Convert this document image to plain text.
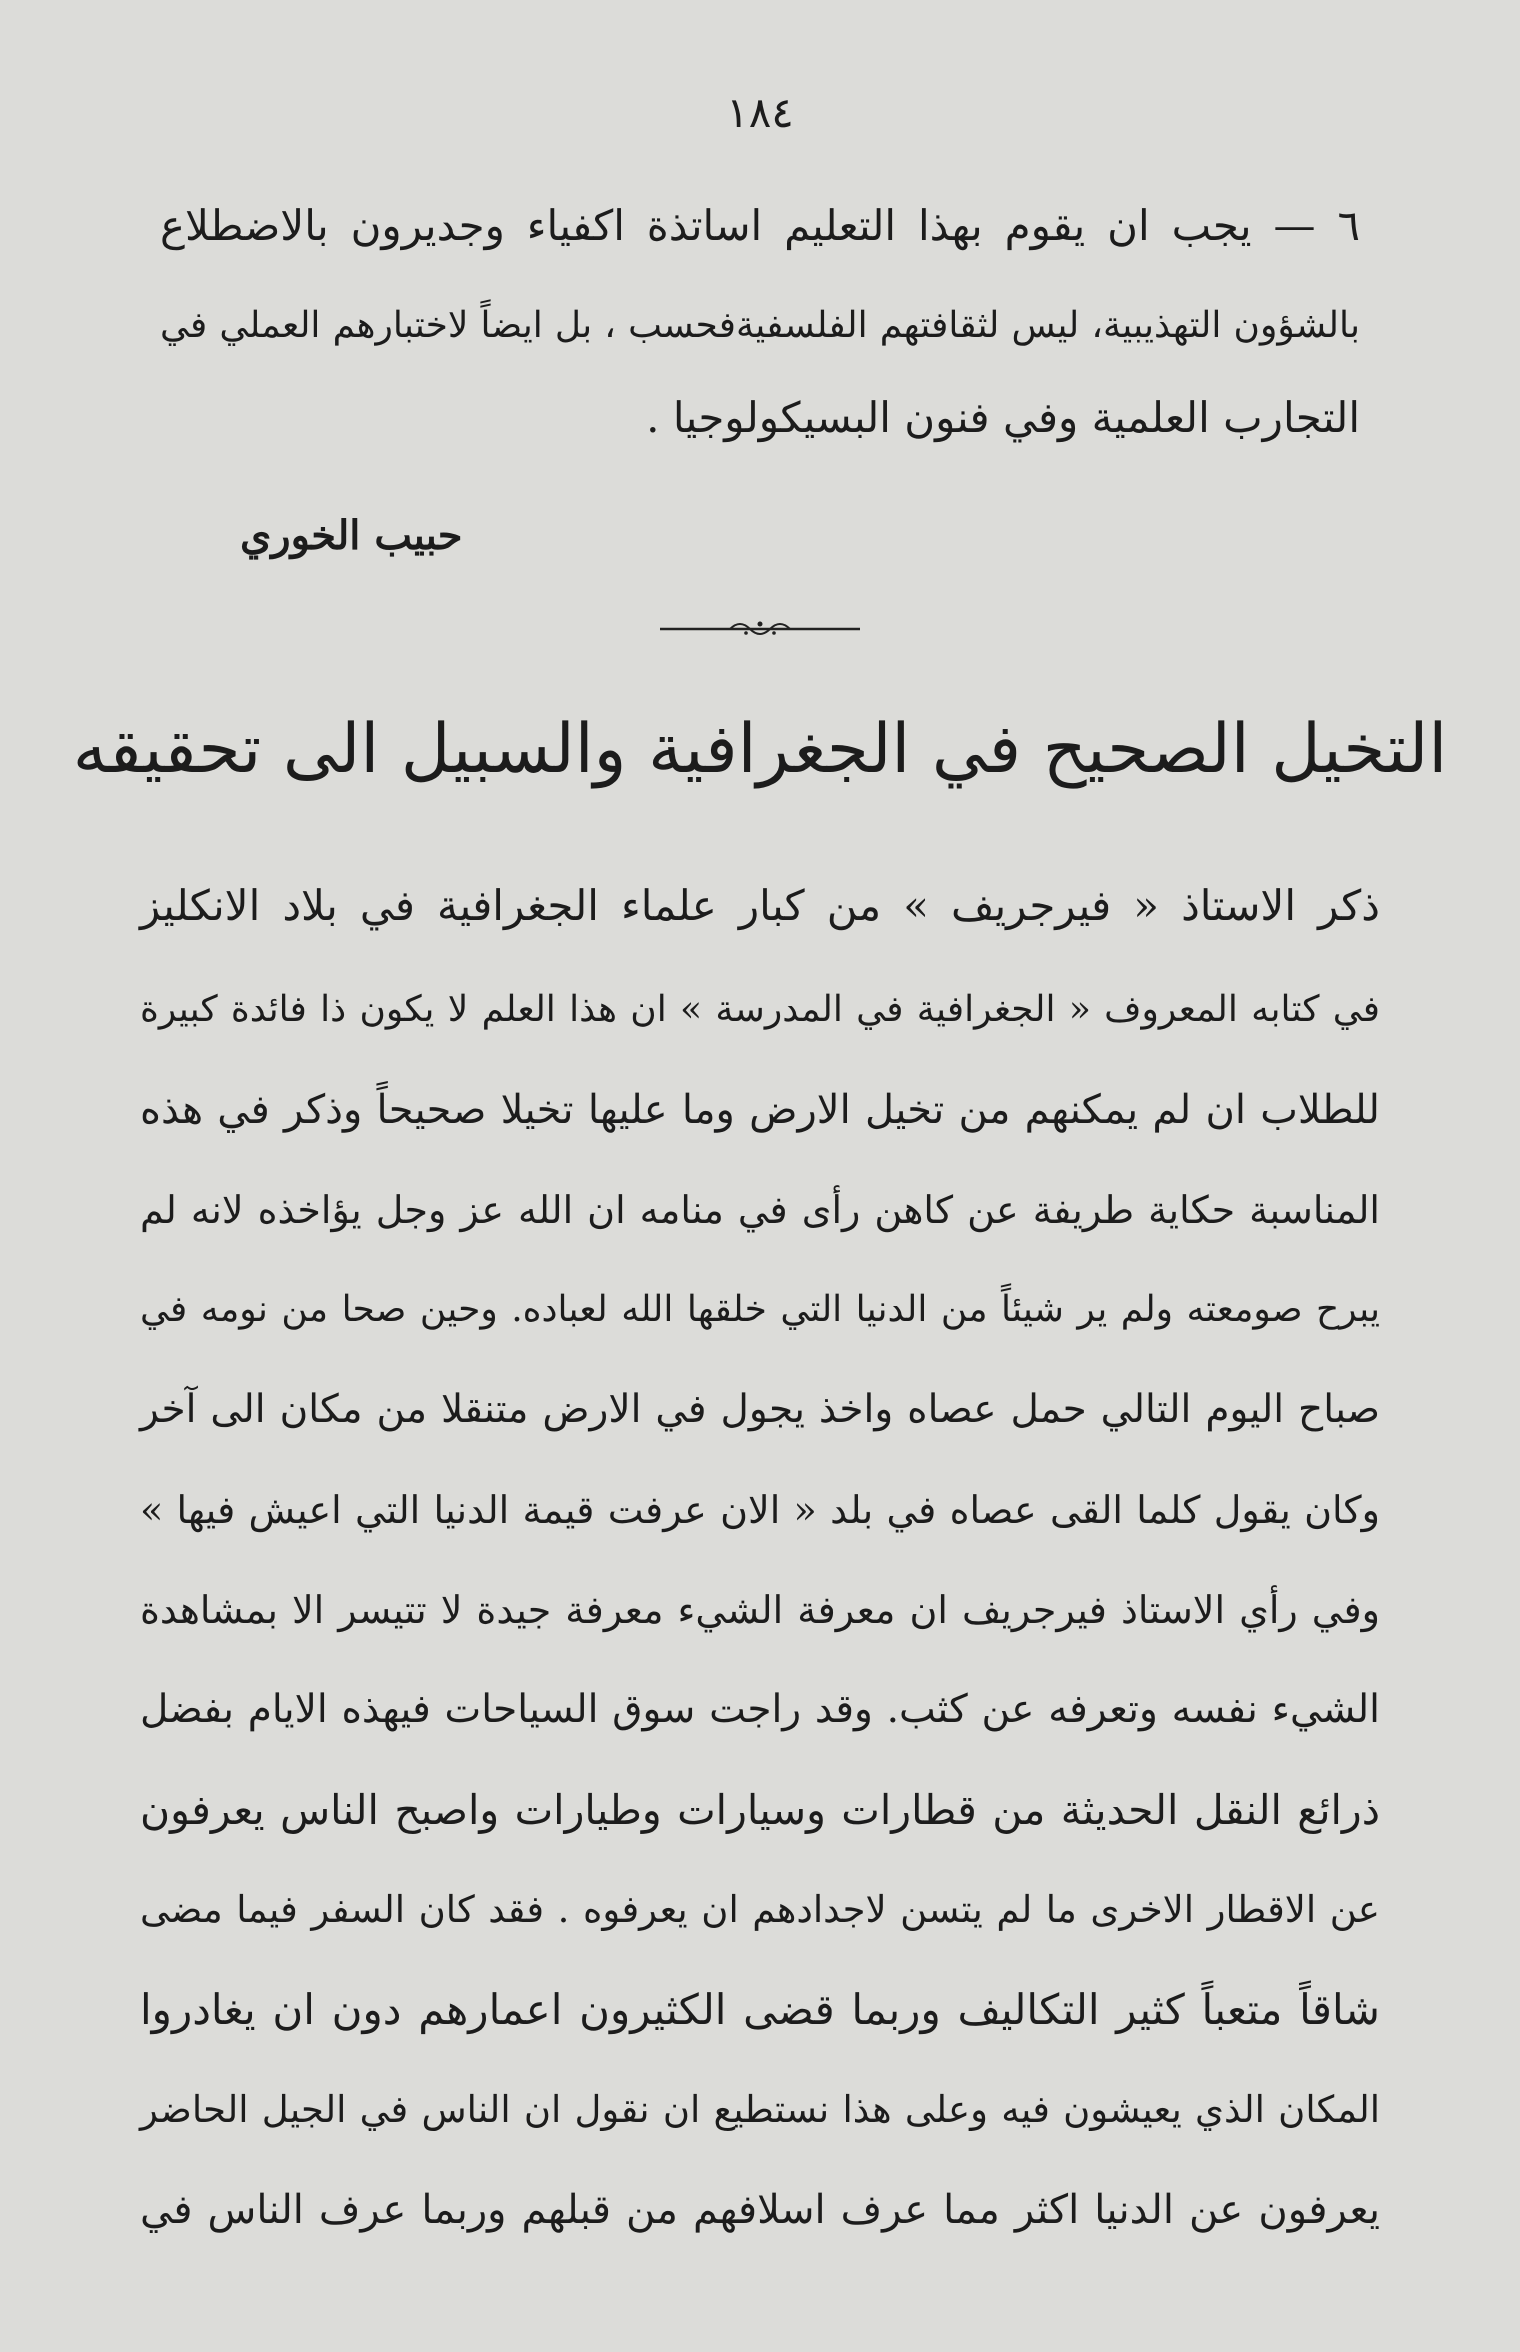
١٨٤
٦ — يجب ان يقوم بهذا التعليم اساتذة اكفياء وجديرون بالاضطلاع
بالشؤون التهذيبية، ليس لثقافتهم الفلسفيةفحسب ، بل ايضاً لاختبارهم العملي في
التجارب العلمية وفي فنون البسيكولوجيا .
حبيب الخوري
التخيل الصحيح في الجغرافية والسبيل الى تحقيقه
ذكر الاستاذ « فيرجريف » من كبار علماء الجغرافية في بلاد الانكليز
في كتابه المعروف « الجغرافية في المدرسة » ان هذا العلم لا يكون ذا فائدة كبيرة
للطلاب ان لم يمكنهم من تخيل الارض وما عليها تخيلا صحيحاً وذكر في هذه
المناسبة حكاية طريفة عن كاهن رأى في منامه ان الله عز وجل يؤاخذه لانه لم
يبرح صومعته ولم ير شيئاً من الدنيا التي خلقها الله لعباده. وحين صحا من نومه في
صباح اليوم التالي حمل عصاه واخذ يجول في الارض متنقلا من مكان الى آخر
وكان يقول كلما القى عصاه في بلد « الان عرفت قيمة الدنيا التي اعيش فيها »
وفي رأي الاستاذ فيرجريف ان معرفة الشيء معرفة جيدة لا تتيسر الا بمشاهدة
الشيء نفسه وتعرفه عن كثب. وقد راجت سوق السياحات فيهذه الايام بفضل
ذرائع النقل الحديثة من قطارات وسيارات وطيارات واصبح الناس يعرفون
عن الاقطار الاخرى ما لم يتسن لاجدادهم ان يعرفوه . فقد كان السفر فيما مضى
شاقاً متعباً كثير التكاليف وربما قضى الكثيرون اعمارهم دون ان يغادروا
المكان الذي يعيشون فيه وعلى هذا نستطيع ان نقول ان الناس في الجيل الحاضر
يعرفون عن الدنيا اكثر مما عرف اسلافهم من قبلهم وربما عرف الناس في
